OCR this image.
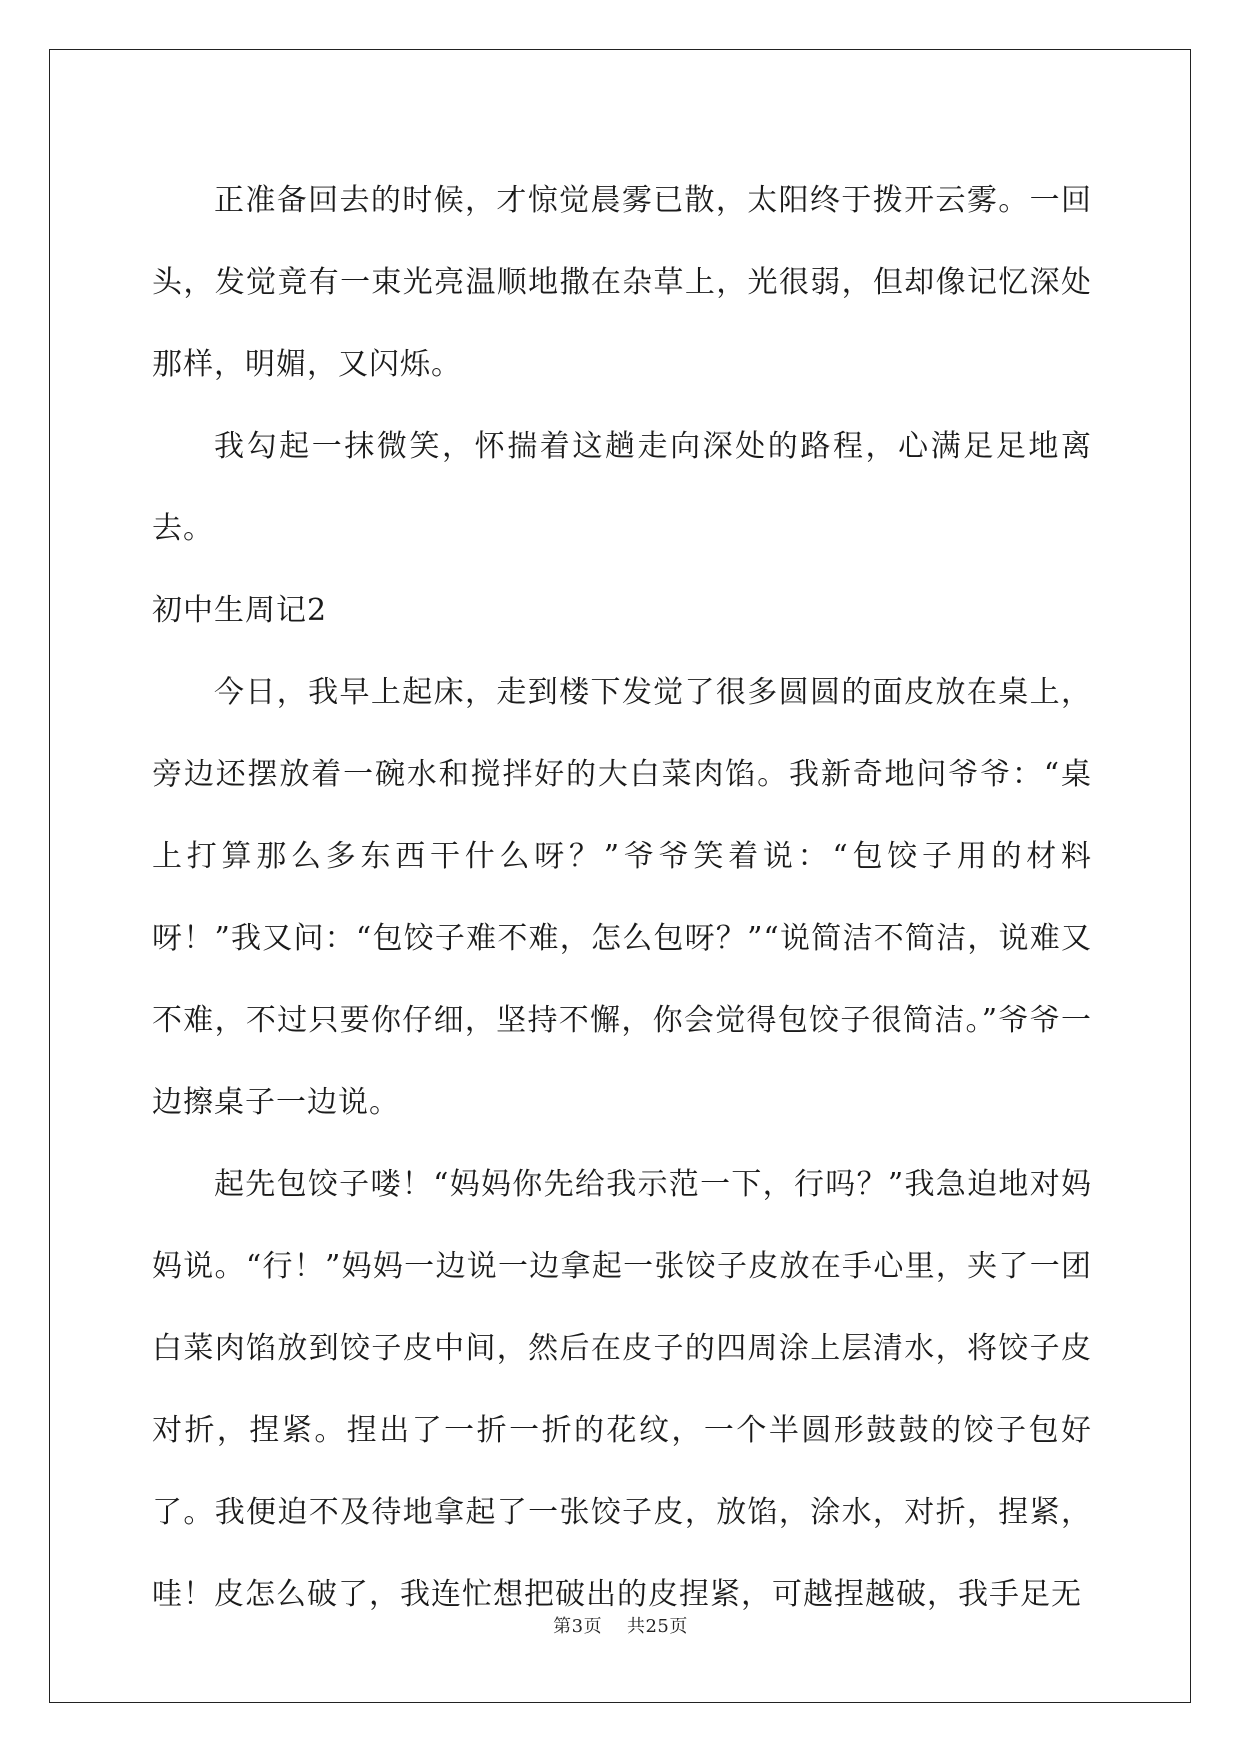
正准备回去的时候，才惊觉晨雾已散，太阳终于拨开云雾。一回头，发觉竟有一束光亮温顺地撒在杂草上，光很弱，但却像记忆深处那样，明媚，又闪烁。

我勾起一抹微笑，怀揣着这趟走向深处的路程，心满足足地离去。

初中生周记2

今日，我早上起床，走到楼下发觉了很多圆圆的面皮放在桌上，旁边还摆放着一碗水和搅拌好的大白菜肉馅。我新奇地问爷爷：“桌上打算那么多东西干什么呀？”爷爷笑着说：“包饺子用的材料呀！”我又问：“包饺子难不难，怎么包呀？”“说简洁不简洁，说难又不难，不过只要你仔细，坚持不懈，你会觉得包饺子很简洁。”爷爷一边擦桌子一边说。

起先包饺子喽！“妈妈你先给我示范一下，行吗？”我急迫地对妈妈说。“行！”妈妈一边说一边拿起一张饺子皮放在手心里，夹了一团白菜肉馅放到饺子皮中间，然后在皮子的四周涂上层清水，将饺子皮对折，捏紧。捏出了一折一折的花纹，一个半圆形鼓鼓的饺子包好了。我便迫不及待地拿起了一张饺子皮，放馅，涂水，对折，捏紧，哇！皮怎么破了，我连忙想把破出的皮捏紧，可越捏越破，我手足无

第3页 共25页
